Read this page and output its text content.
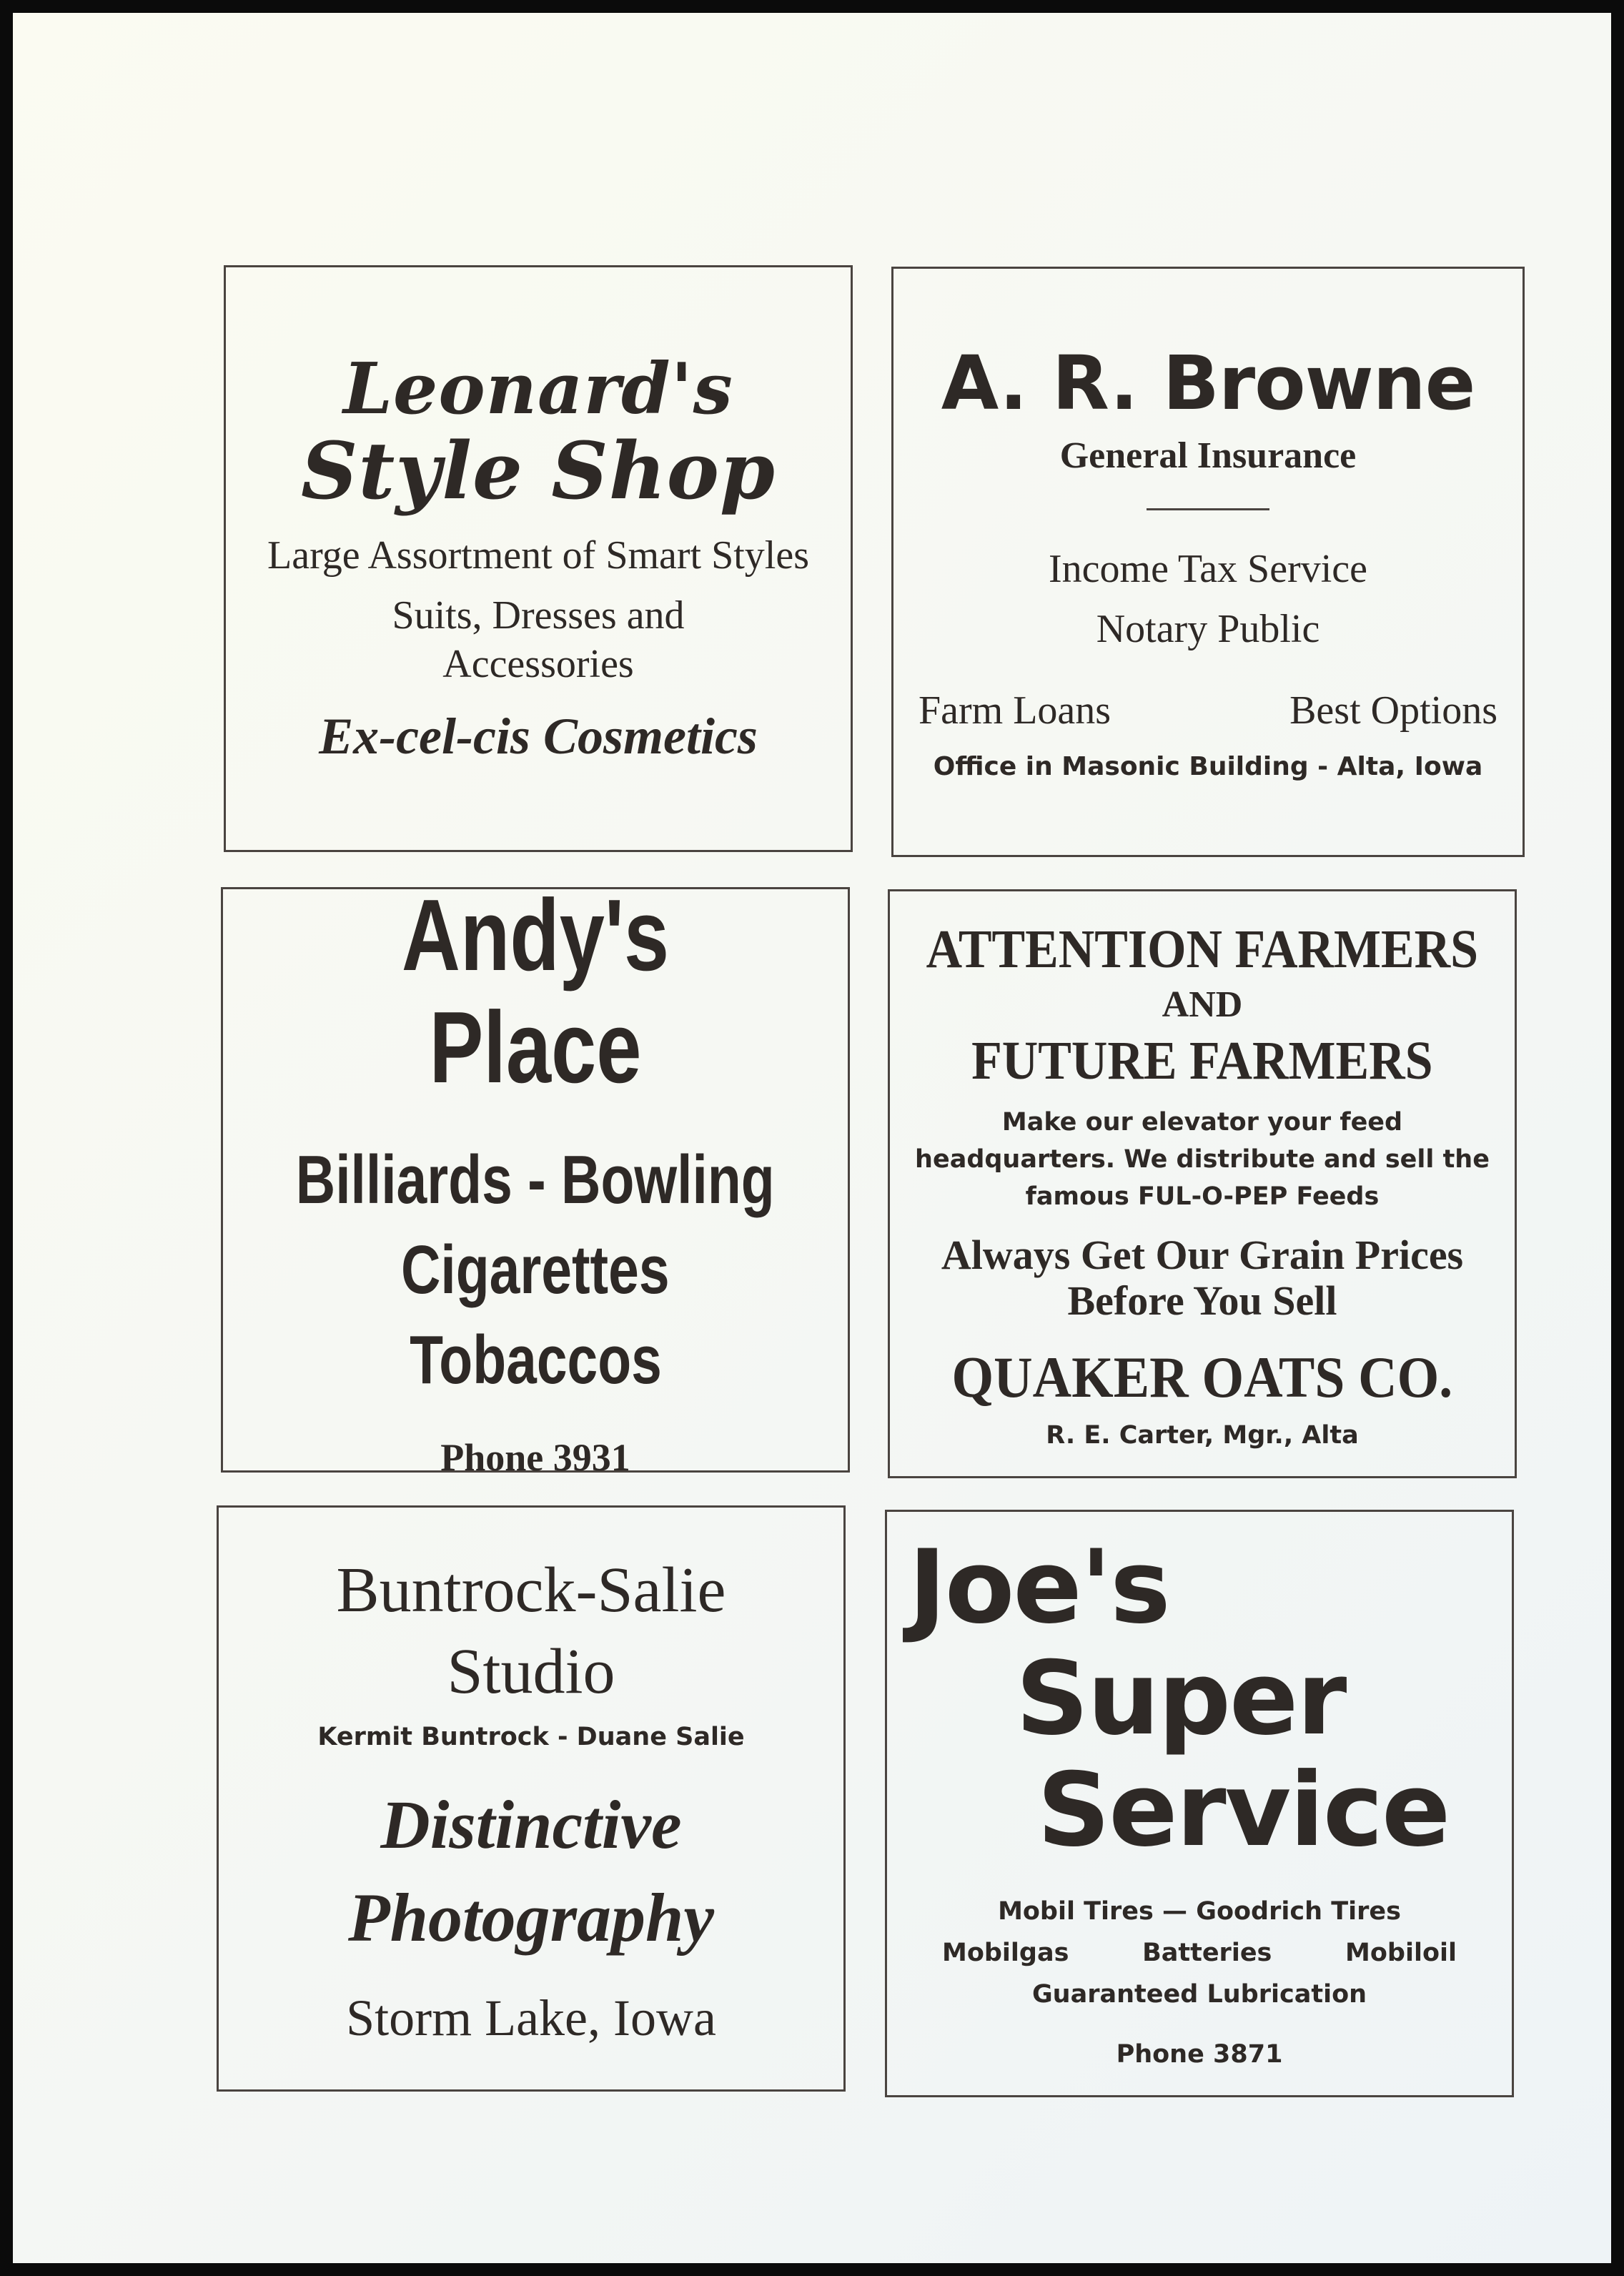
Leonard's
Style Shop
Large Assortment of Smart Styles
Suits, Dresses and Accessories
Ex-cel-cis Cosmetics
A. R. Browne
General Insurance
Income Tax Service
Notary Public
Farm Loans	Best Options
Office in Masonic Building - Alta, Iowa
Andy's Place
Billiards - Bowling
Cigarettes
Tobaccos
Phone 3931
ATTENTION FARMERS
AND
FUTURE FARMERS
Make our elevator your feed headquarters. We distribute and sell the famous FUL-O-PEP Feeds
Always Get Our Grain Prices Before You Sell
QUAKER OATS CO.
R. E. Carter, Mgr., Alta
Buntrock-Salie
Studio
Kermit Buntrock - Duane Salie
Distinctive
Photography
Storm Lake, Iowa
Joe's
Super
Service
Mobil Tires — Goodrich Tires
Mobilgas	Batteries	Mobiloil
Guaranteed Lubrication
Phone 3871
